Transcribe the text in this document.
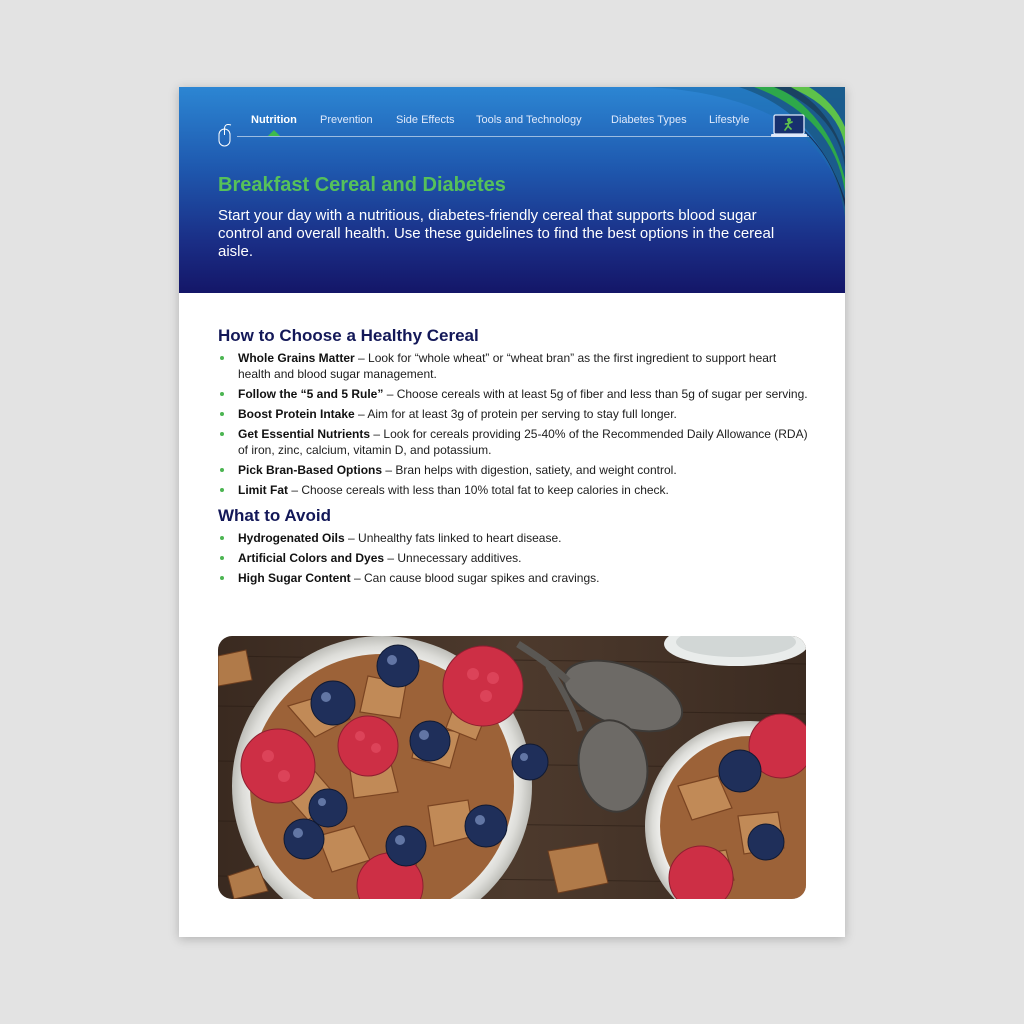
Nutrition Prevention Side Effects Tools and Technology	Diabetes Types Lifestyle
Breakfast Cereal and Diabetes

Start your day with a nutritious, diabetes-friendly cereal that supports blood sugar control and overall health. Use these guidelines to find the best options in the cereal aisle.

How to Choose a Healthy Cereal
Whole Grains Matter – Look for “whole wheat” or “wheat bran” as the first ingredient to support heart health and blood sugar management.
Follow the “5 and 5 Rule” – Choose cereals with at least 5g of fiber and less than 5g of sugar per serving.
Boost Protein Intake – Aim for at least 3g of protein per serving to stay full longer.
Get Essential Nutrients – Look for cereals providing 25-40% of the Recommended Daily Allowance (RDA) of iron, zinc, calcium, vitamin D, and potassium.
Pick Bran-Based Options – Bran helps with digestion, satiety, and weight control.
Limit Fat – Choose cereals with less than 10% total fat to keep calories in check.
What to Avoid
Hydrogenated Oils – Unhealthy fats linked to heart disease.
Artificial Colors and Dyes – Unnecessary additives.
High Sugar Content – Can cause blood sugar spikes and cravings.
